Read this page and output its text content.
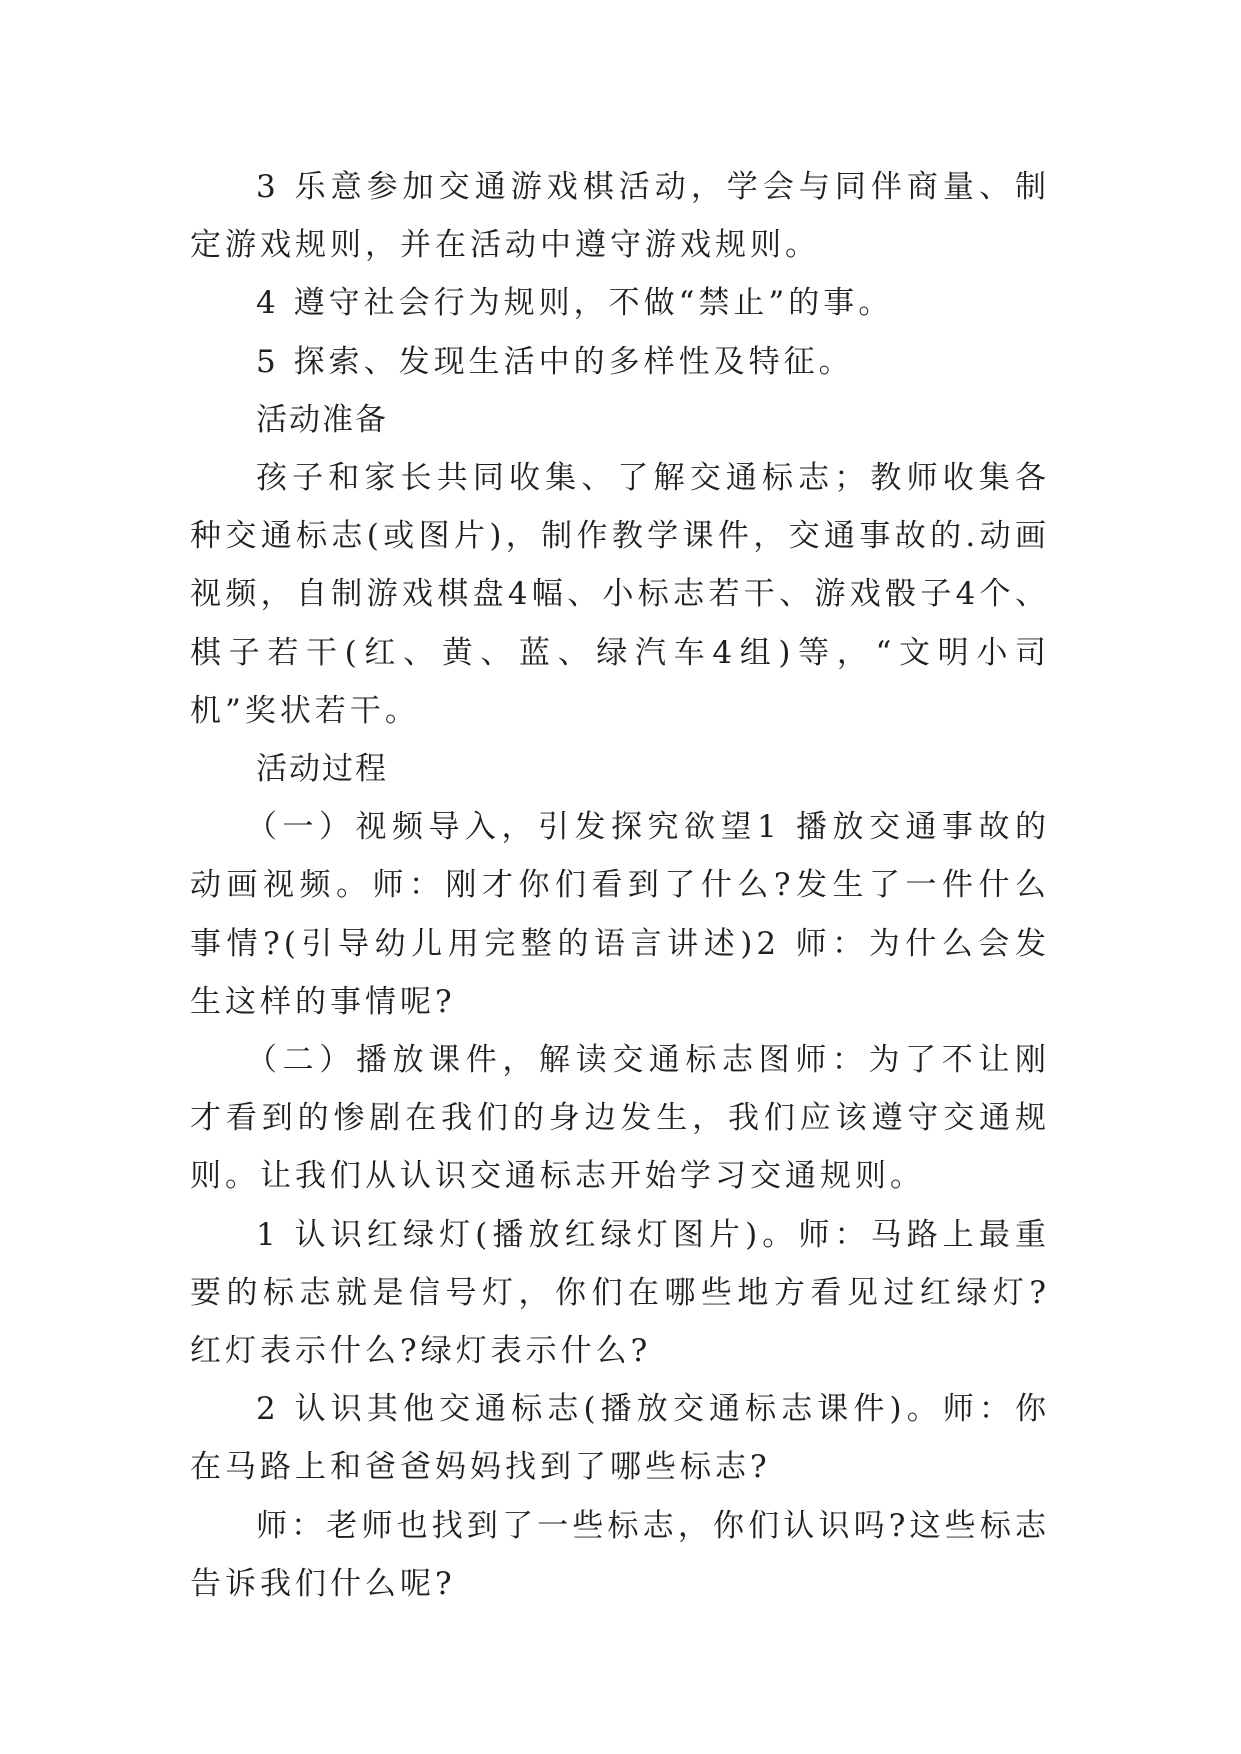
3 乐意参加交通游戏棋活动，学会与同伴商量、制定游戏规则，并在活动中遵守游戏规则。

4 遵守社会行为规则，不做“禁止”的事。

5 探索、发现生活中的多样性及特征。

活动准备

孩子和家长共同收集、了解交通标志；教师收集各种交通标志(或图片)，制作教学课件，交通事故的.动画视频，自制游戏棋盘4幅、小标志若干、游戏骰子4个、棋子若干(红、黄、蓝、绿汽车4组)等，“文明小司机”奖状若干。

活动过程

（一）视频导入，引发探究欲望1 播放交通事故的动画视频。师：刚才你们看到了什么?发生了一件什么事情?(引导幼儿用完整的语言讲述)2 师：为什么会发生这样的事情呢?

（二）播放课件，解读交通标志图师：为了不让刚才看到的惨剧在我们的身边发生，我们应该遵守交通规则。让我们从认识交通标志开始学习交通规则。

1 认识红绿灯(播放红绿灯图片)。师：马路上最重要的标志就是信号灯，你们在哪些地方看见过红绿灯?红灯表示什么?绿灯表示什么?

2 认识其他交通标志(播放交通标志课件)。师：你在马路上和爸爸妈妈找到了哪些标志?

师：老师也找到了一些标志，你们认识吗?这些标志告诉我们什么呢?
